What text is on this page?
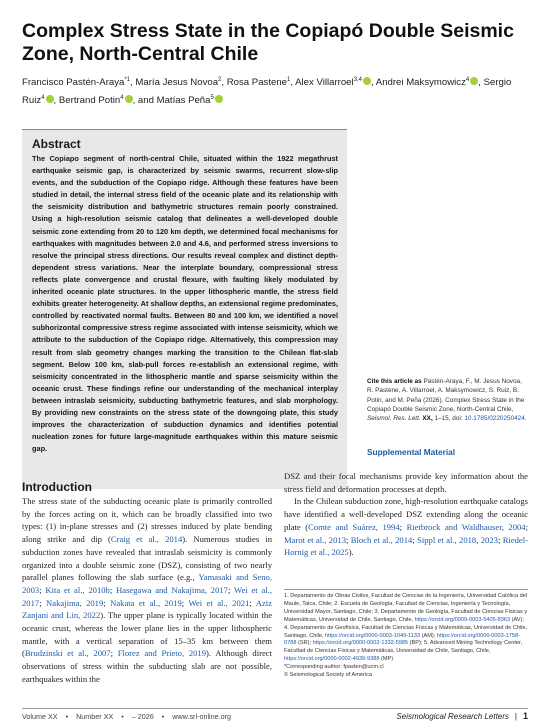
Complex Stress State in the Copiapó Double Seismic Zone, North-Central Chile
Francisco Pastén-Araya$^{*1}$, María Jesus Novoa$^2$, Rosa Pastene$^1$, Alex Villarroel$^{3,4}$ , Andrei Maksymowicz$^4$ , Sergio Ruiz$^4$ , Bertrand Potin$^4$ , and Matías Peña$^5$
Abstract
The Copiapo segment of north-central Chile, situated within the 1922 megathrust earthquake seismic gap, is characterized by seismic swarms, recurrent slow-slip events, and the subduction of the Copiapo ridge. Although these features have been studied in detail, the internal stress field of the oceanic plate and its relationship with the seismicity distribution and bathymetric structures remain poorly constrained. Using a high-resolution seismic catalog that delineates a well-developed double seismic zone extending from 20 to 120 km depth, we determined focal mechanisms for earthquakes with magnitudes between 2.0 and 4.6, and performed stress inversions to resolve the principal stress directions. Our results reveal complex and distinct depth-dependent stress variations. Near the interplate boundary, compressional stress reflects plate convergence and crustal flexure, with faulting likely modulated by inherited oceanic plate structures. In the upper lithospheric mantle, the stress field exhibits greater heterogeneity. At shallow depths, an extensional regime predominates, controlled by reactivated normal faults. Between 80 and 100 km, we identified a novel subhorizontal compressive stress regime associated with intense seismicity, which we attribute to the subduction of the Copiapo ridge. Alternatively, this compression may result from slab geometry changes marking the transition to the Chilean flat-slab segment. Below 100 km, slab-pull forces re-establish an extensional regime, with seismicity concentrated in the lithospheric mantle and sparse seismicity within the oceanic crust. These findings refine our understanding of the mechanical interplay between intraslab seismicity, subducting bathymetric features, and slab morphology. By providing new constraints on the stress state of the downgoing plate, this study improves the characterization of subduction dynamics and identifies potential nucleation zones for future large-magnitude earthquakes within this mature seismic gap.
Cite this article as Pastén-Araya, F., M. Jesus Novoa, R. Pastene, A. Villarroel, A. Maksymowicz, S. Ruiz, B. Potin, and M. Peña (2026). Complex Stress State in the Copiapó Double Seismic Zone, North-Central Chile, Seismol. Res. Lett. XX, 1–15, doi: 10.1785/0220250424.
Supplemental Material
Introduction
The stress state of the subducting oceanic plate is primarily controlled by the forces acting on it, which can be broadly classified into two types: (1) in-plane stresses and (2) stresses induced by plate bending along strike and dip (Craig et al., 2014). Numerous studies in subduction zones have revealed that intraslab seismicity is commonly organized into a double seismic zone (DSZ), consisting of two nearly parallel planes following the slab surface (e.g., Yamasaki and Seno, 2003; Kita et al., 2010b; Hasegawa and Nakajima, 2017; Wei et al., 2017; Nakajima, 2019; Nakata et al., 2019; Wei et al., 2021; Aziz Zanjani and Lin, 2022). The upper plane is typically located within the oceanic crust, whereas the lower plane lies in the upper lithospheric mantle, with a vertical separation of 15–35 km between them (Brudzinski et al., 2007; Florez and Prieto, 2019). Although direct observations of stress within the subducting slab are not possible, earthquakes within the

DSZ and their focal mechanisms provide key information about the stress field and deformation processes at depth.

In the Chilean subduction zone, high-resolution earthquake catalogs have identified a well-developed DSZ extending along the oceanic plate (Comte and Suárez, 1994; Rietbrock and Waldhauser, 2004; Marot et al., 2013; Bloch et al., 2014; Sippl et al., 2018, 2023; Riedel-Hornig et al., 2025).

1. Departamento de Obras Civiles, Facultad de Ciencias de la Ingeniería, Universidad Católica del Maule, Talca, Chile; 2. Escuela de Geología, Facultad de Ciencias, Ingeniería y Tecnología, Universidad Mayor, Santiago, Chile; 3. Departamento de Geología, Facultad de Ciencias Físicas y Matemáticas, Universidad de Chile, Santiago, Chile, https://orcid.org/0009-0003-5405-8363 (AV); 4. Departamento de Geofísica, Facultad de Ciencias Físicas y Matemáticas, Universidad de Chile, Santiago, Chile, https://orcid.org/0000-0003-1049-1133 (AM); https://orcid.org/0000-0003-1758-0788 (SR); https://orcid.org/0000-0002-1332-5985 (BP); 5. Advanced Mining Technology Center, Facultad de Ciencias Físicas y Matemáticas, Universidad de Chile, Santiago, Chile, https://orcid.org/0000-0002-4939-9388 (MP)

*Corresponding author: fpasten@ucm.cl

© Seismological Society of America

Volume XX • Number XX • – 2026 • www.srl-online.org	Seismological Research Letters | 1
